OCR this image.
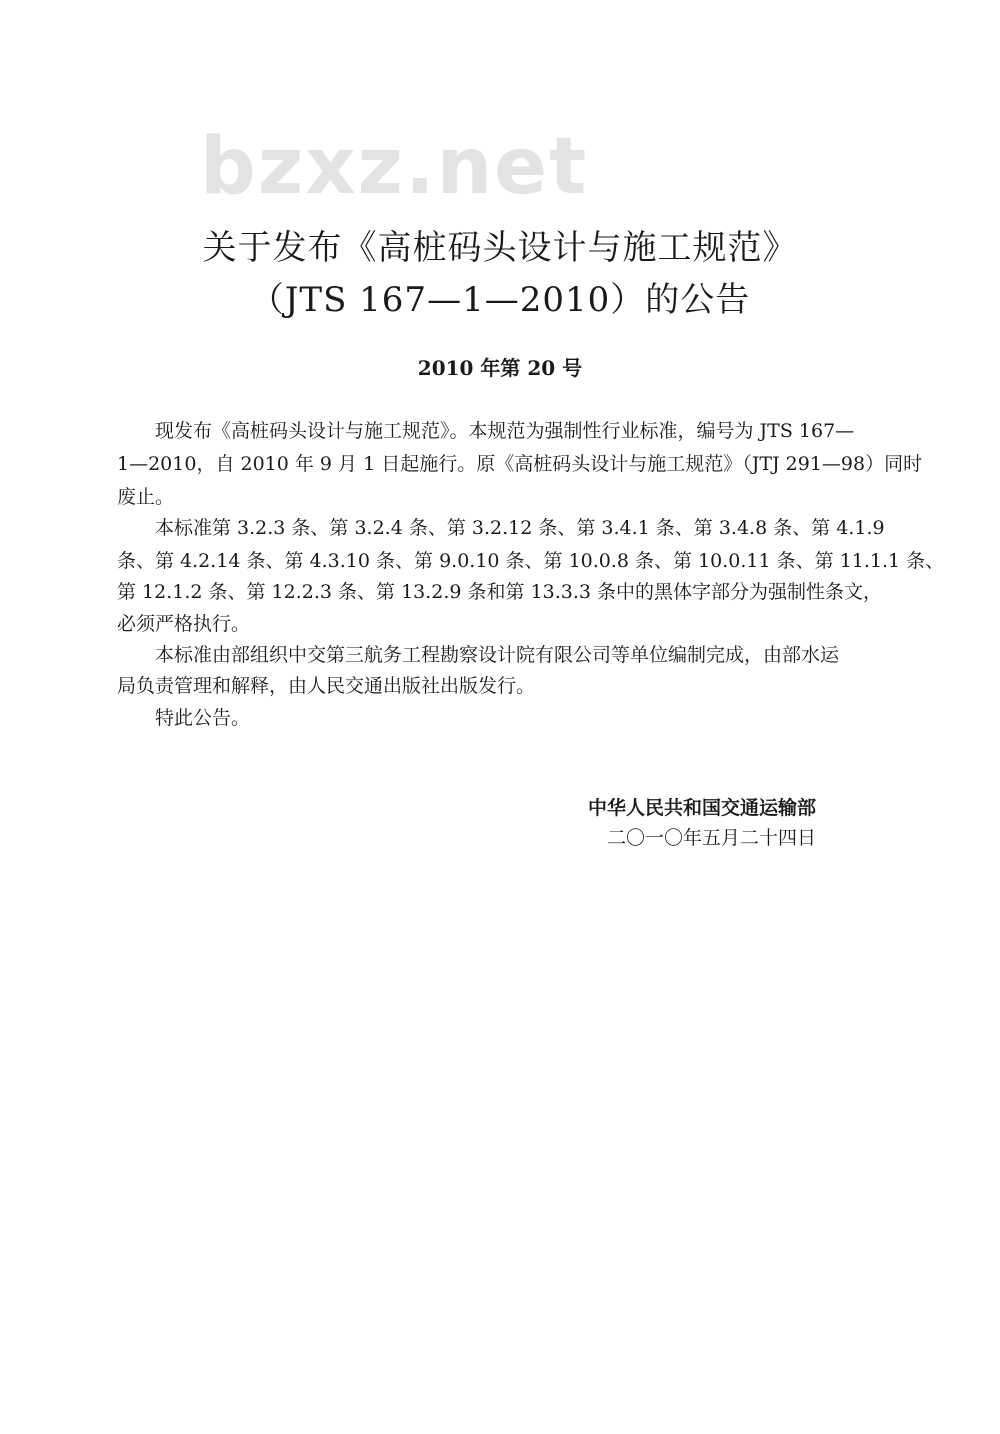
bzxz.net
关于发布《高桩码头设计与施工规范》
（JTS 167—1—2010）的公告
2010 年第 20 号
现发布《高桩码头设计与施工规范》。本规范为强制性行业标准，编号为 JTS 167—
1—2010，自 2010 年 9 月 1 日起施行。原《高桩码头设计与施工规范》（JTJ 291—98）同时
废止。
本标准第 3.2.3 条、第 3.2.4 条、第 3.2.12 条、第 3.4.1 条、第 3.4.8 条、第 4.1.9
条、第 4.2.14 条、第 4.3.10 条、第 9.0.10 条、第 10.0.8 条、第 10.0.11 条、第 11.1.1 条、
第 12.1.2 条、第 12.2.3 条、第 13.2.9 条和第 13.3.3 条中的黑体字部分为强制性条文，
必须严格执行。
本标准由部组织中交第三航务工程勘察设计院有限公司等单位编制完成，由部水运
局负责管理和解释，由人民交通出版社出版发行。
特此公告。
中华人民共和国交通运输部
二〇一〇年五月二十四日
